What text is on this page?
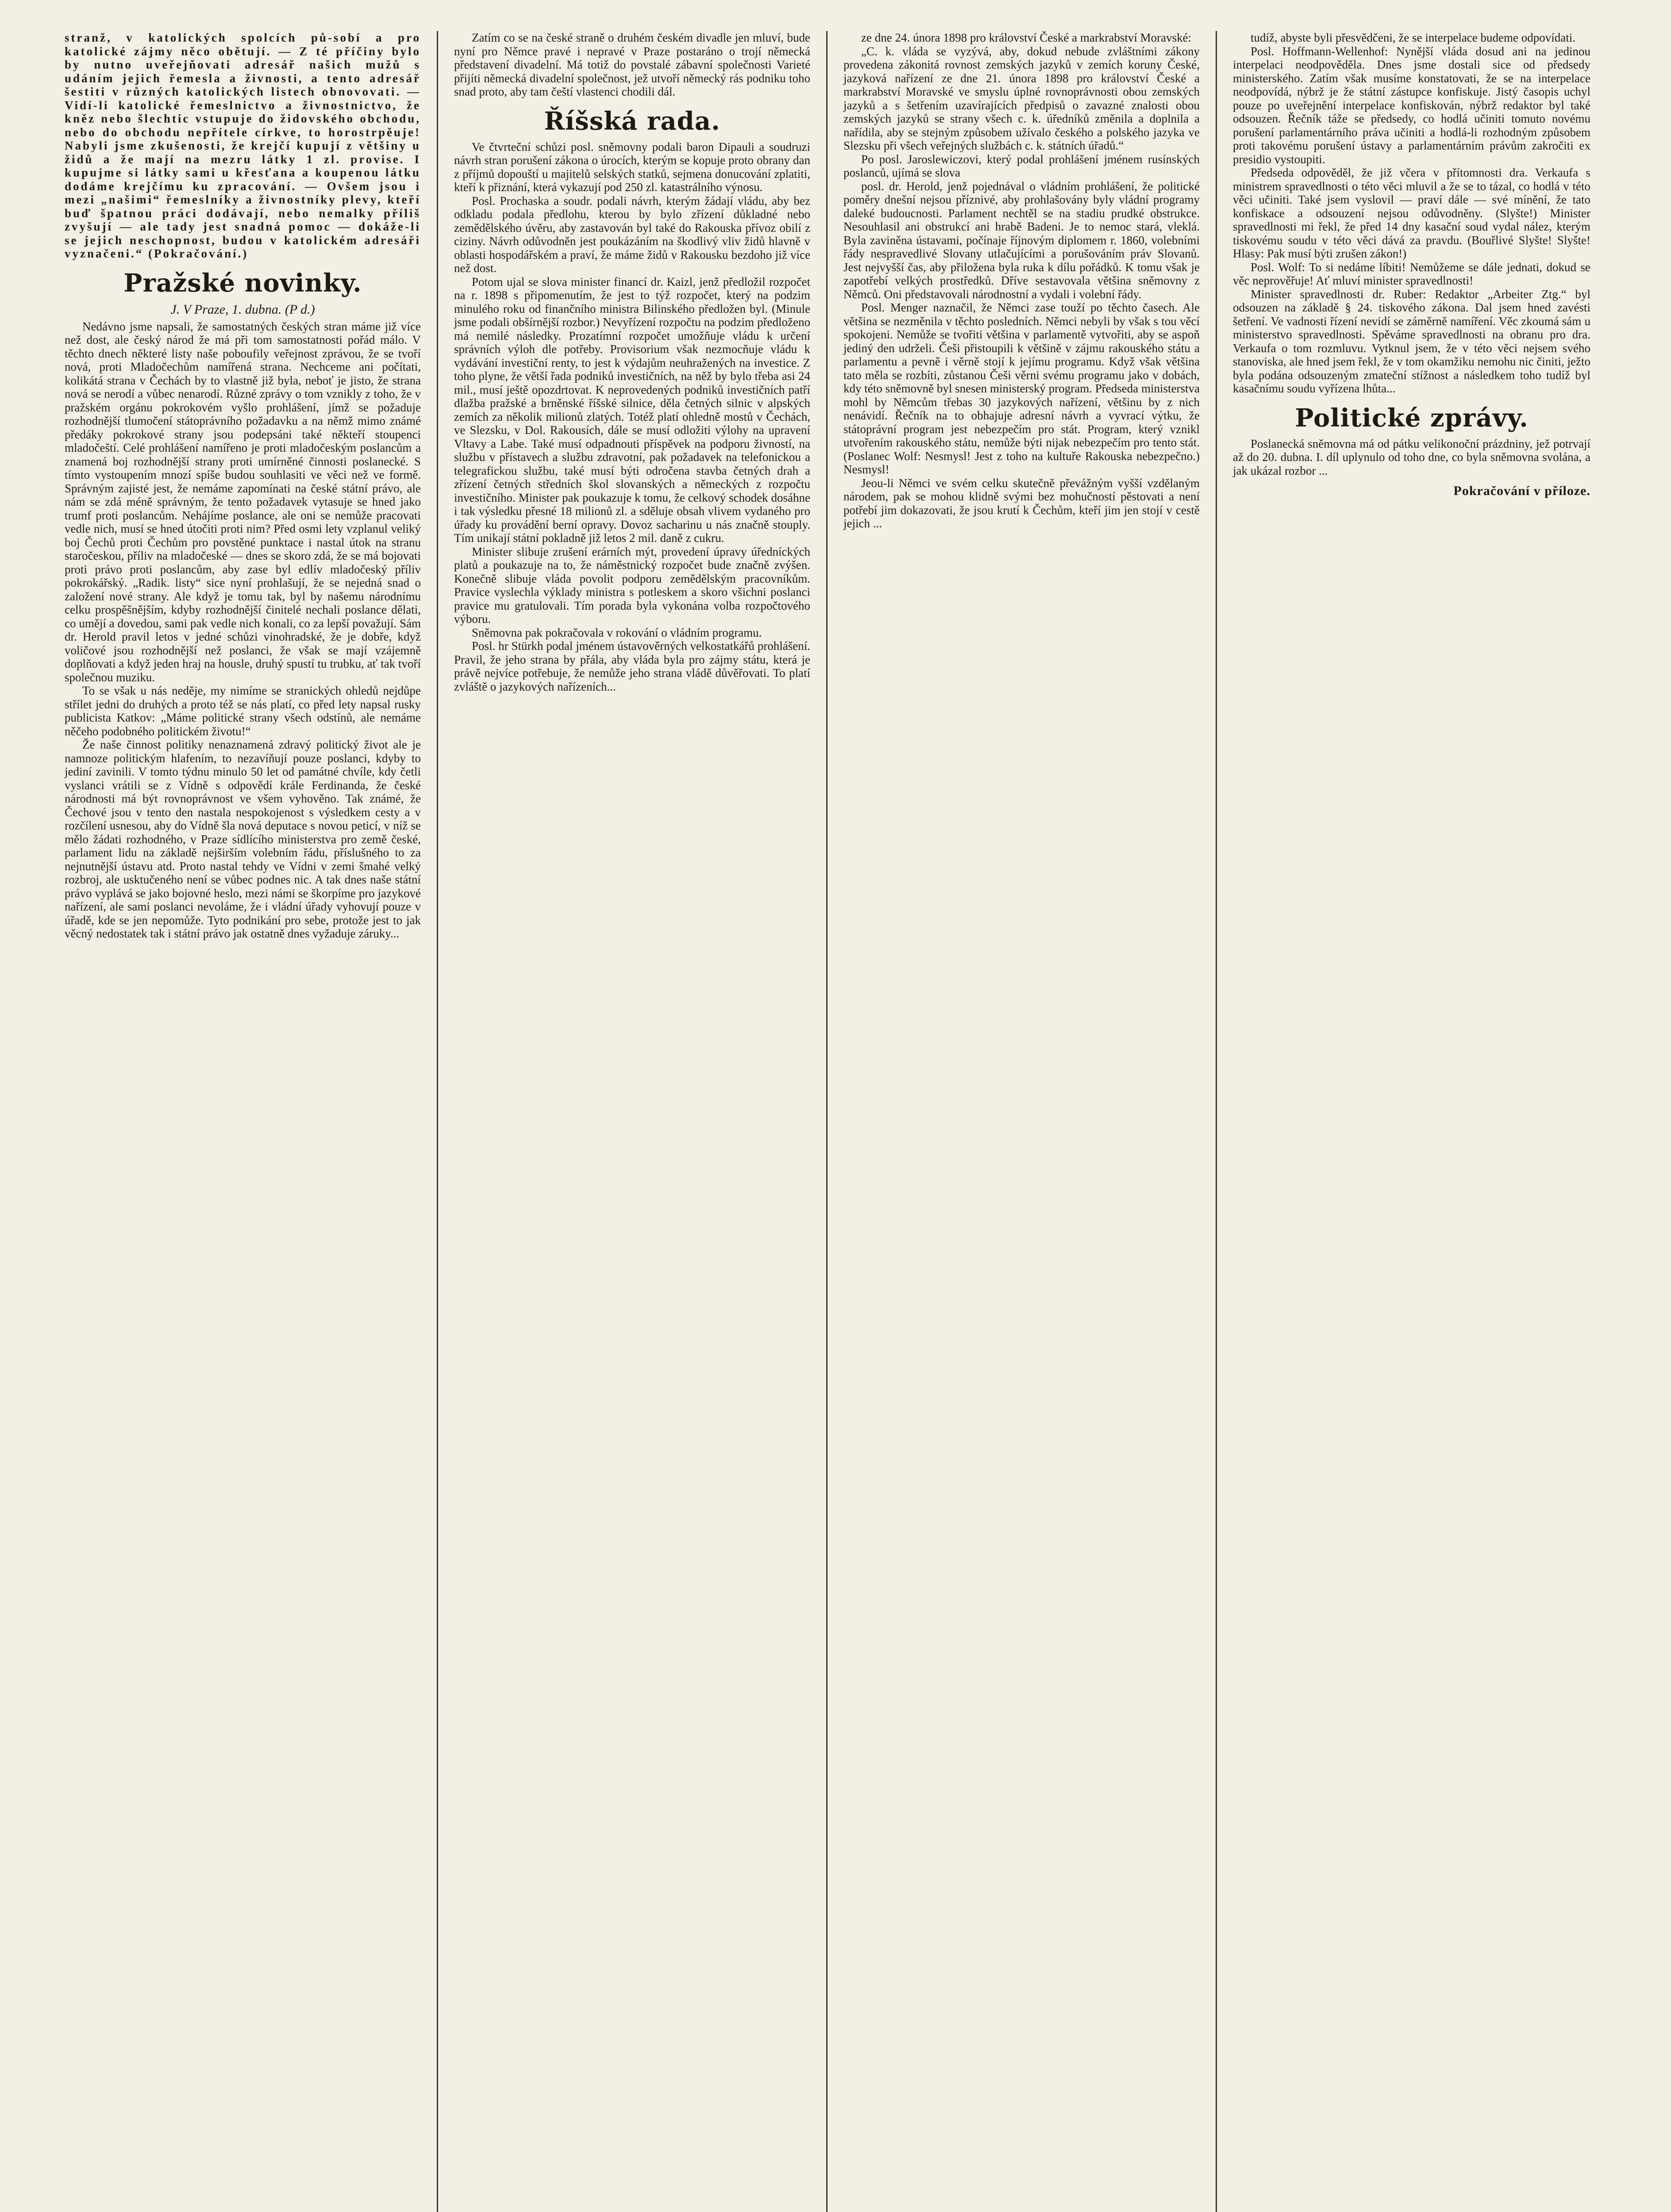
stranž, v katolických spolcích pů-sobí a pro katolické zájmy něco obětují. — Z té příčiny bylo by nutno uveřejňovati adresář našich mužů s udáním jejich řemesla a živnosti, a tento adresář šestiti v různých katolických listech obnovovati. — Vidí-li katolické řemeslnictvo a živnostnictvo, že kněz nebo šlechtic vstupuje do židovského obchodu, nebo do obchodu nepřítele církve, to horostrpěuje! Nabyli jsme zkušenosti, že krejčí kupují z většiny u židů a že mají na mezru látky 1 zl. provise. I kupujme si látky sami u křesťana a koupenou látku dodáme krejčímu ku zpracování. — Ovšem jsou i mezi „našimi“ řemeslníky a živnostníky plevy, kteří buď špatnou práci dodávají, nebo nemalky příliš zvyšují — ale tady jest snadná pomoc — dokáže-li se jejich neschopnost, budou v katolickém adresáři vyznačeni.“ (Pokračování.)

Pražské novinky.
J. V Praze, 1. dubna. (P d.)

Nedávno jsme napsali, že samostatných českých stran máme již více než dost, ale český národ že má při tom samostatnosti pořád málo. V těchto dnech některé listy naše poboufily veřejnost zprávou, že se tvoří nová, proti Mladočechům namířená strana. Nechceme ani počítati, kolikátá strana v Čechách by to vlastně již byla, neboť je jisto, že strana nová se nerodí a vůbec nenarodí. Různé zprávy o tom vznikly z toho, že v pražském orgánu pokrokovém vyšlo prohlášení, jímž se požaduje rozhodnější tlumočení státoprávního požadavku a na němž mimo známé předáky pokrokové strany jsou podepsáni také někteří stoupenci mladočeští. Celé prohlášení namířeno je proti mladočeským poslancům a znamená boj rozhodnější strany proti umírněné činnosti poslanecké. S tímto vystoupením mnozí spíše budou souhlasiti ve věci než ve formě. Správným zajisté jest, že nemáme zapomínati na české státní právo, ale nám se zdá méně správným, že tento požadavek vytasuje se hned jako trumf proti poslancům. Nehájíme poslance, ale oni se nemůže pracovati vedle nich, musí se hned útočiti proti nim? Před osmi lety vzplanul veliký boj Čechů proti Čechům pro povstěné punktace i nastal útok na stranu staročeskou, příliv na mladočeské — dnes se skoro zdá, že se má bojovati proti právo proti poslancům, aby zase byl edlív mladočeský příliv pokrokářský. „Radik. listy“ sice nyní prohlašují, že se nejedná snad o založení nové strany. Ale když je tomu tak, byl by našemu národnímu celku prospěšnějším, kdyby rozhodnější činitelé nechali poslance dělati, co umějí a dovedou, sami pak vedle nich konali, co za lepší považují. Sám dr. Herold pravil letos v jedné schůzi vinohradské, že je dobře, když voličové jsou rozhodnější než poslanci, že však se mají vzájemně doplňovati a když jeden hraj na housle, druhý spustí tu trubku, ať tak tvoří společnou muziku.

To se však u nás neděje, my nimíme se stranických ohledů nejdůpe střílet jedni do druhých a proto též se nás platí, co před lety napsal rusky publicista Katkov: „Máme politické strany všech odstínů, ale nemáme něčeho podobného politickém životu!“

Že naše činnost politiky nenaznamená zdravý politický život ale je namnoze politickým hlafením, to nezavíňují pouze poslanci, kdyby to jediní zavinili. V tomto týdnu minulo 50 let od památné chvíle, kdy četli vyslanci vrátili se z Vídně s odpovědí krále Ferdinanda, že české národnosti má být rovnoprávnost ve všem vyhověno. Tak známé, že Čechové jsou v tento den nastala nespokojenost s výsledkem cesty a v rozčílení usnesou, aby do Vídně šla nová deputace s novou peticí, v níž se mělo žádati rozhodného, v Praze sídlícího ministerstva pro země české, parlament lidu na základě nejširším volebním řádu, příslušného to za nejnutnější ústavu atd. Proto nastal tehdy ve Vídni v zemi šmahé velký rozbroj, ale usktučeného není se vůbec podnes nic. A tak dnes naše státní právo vyplává se jako bojovné heslo, mezi námi se škorpíme pro jazykové nařízení, ale sami poslanci nevoláme, že i vládní úřady vyhovují pouze v úřadě, kde se jen nepomůže. Tyto podnikání pro sebe, protože jest to jak věcný nedostatek tak i státní právo jak ostatně dnes vyžaduje záruky...

Zatím co se na české straně o druhém českém divadle jen mluví, bude nyní pro Němce pravé i nepravé v Praze postaráno o trojí německá představení divadelní. Má totiž do povstalé zábavní společnosti Varieté přijíti německá divadelní společnost, jež utvoří německý rás podniku toho snad proto, aby tam čeští vlastenci chodili dál.

Říšská rada.

Ve čtvrteční schůzi posl. sněmovny podali baron Dipauli a soudruzi návrh stran porušení zákona o úrocích, kterým se kopuje proto obrany dan z příjmů dopouští u majitelů selských statků, sejmena donucování zplatiti, kteří k přiznání, která vykazují pod 250 zl. katastrálního výnosu.

Posl. Prochaska a soudr. podali návrh, kterým žádají vládu, aby bez odkladu podala předlohu, kterou by bylo zřízení důkladné nebo zemědělského úvěru, aby zastavován byl také do Rakouska přívoz obilí z ciziny. Návrh odůvodněn jest poukázáním na škodlivý vliv židů hlavně v oblasti hospodářském a praví, že máme židů v Rakousku bezdoho již více než dost.

Potom ujal se slova minister financí dr. Kaizl, jenž předložil rozpočet na r. 1898 s připomenutím, že jest to týž rozpočet, který na podzim minulého roku od finančního ministra Bilinského předložen byl. (Minule jsme podali obšírnější rozbor.) Nevyřízení rozpočtu na podzim předloženo má nemilé následky. Prozatímní rozpočet umožňuje vládu k určení správních výloh dle potřeby. Provisorium však nezmocňuje vládu k vydávání investiční renty, to jest k výdajům neuhražených na investice. Z toho plyne, že větší řada podniků investičních, na něž by bylo třeba asi 24 mil., musí ještě opozdrtovat. K neprovedených podniků investičních patří dlažba pražské a brněnské říšské silnice, děla četných silnic v alpských zemích za několik milionů zlatých. Totéž platí ohledně mostů v Čechách, ve Slezsku, v Dol. Rakousích, dále se musí odložiti výlohy na upravení Vltavy a Labe. Také musí odpadnouti příspěvek na podporu živností, na službu v přístavech a službu zdravotní, pak požadavek na telefonickou a telegrafickou službu, také musí býti odročena stavba četných drah a zřízení četných středních škol slovanských a německých z rozpočtu investičního. Minister pak poukazuje k tomu, že celkový schodek dosáhne i tak výsledku přesné 18 milionů zl. a sděluje obsah vlivem vydaného pro úřady ku provádění berní opravy. Dovoz sacharinu u nás značně stouply. Tím unikají státní pokladně již letos 2 mil. daně z cukru.

Minister slibuje zrušení erárních mýt, provedení úpravy úředníckých platů a poukazuje na to, že náměstnický rozpočet bude značně zvýšen. Konečně slibuje vláda povolit podporu zemědělským pracovníkům. Pravice vyslechla výklady ministra s potleskem a skoro všichni poslanci pravice mu gratulovali. Tím porada byla vykonána volba rozpočtového výboru.

Sněmovna pak pokračovala v rokování o vládním programu.

Posl. hr Stürkh podal jménem ústavověrných velkostatkářů prohlášení. Pravil, že jeho strana by přála, aby vláda byla pro zájmy státu, která je právě nejvíce potřebuje, že nemůže jeho strana vládě důvěřovati. To platí zvláště o jazykových nařízeních...

ze dne 24. února 1898 pro království České a markrabství Moravské:

„C. k. vláda se vyzývá, aby, dokud nebude zvláštními zákony provedena zákonitá rovnost zemských jazyků v zemích koruny České, jazyková nařízení ze dne 21. února 1898 pro království České a markrabství Moravské ve smyslu úplné rovnoprávnosti obou zemských jazyků a s šetřením uzavírajících předpisů o zavazné znalosti obou zemských jazyků se strany všech c. k. úředníků změnila a doplnila a nařídila, aby se stejným způsobem užívalo českého a polského jazyka ve Slezsku při všech veřejných službách c. k. státních úřadů.“

Po posl. Jaroslewiczovi, který podal prohlášení jménem rusínských poslanců, ujímá se slova

posl. dr. Herold, jenž pojednával o vládním prohlášení, že politické poměry dnešní nejsou příznivé, aby prohlašovány byly vládní programy daleké budoucnosti. Parlament nechtěl se na stadiu prudké obstrukce. Nesouhlasil ani obstrukcí ani hrabě Badeni. Je to nemoc stará, vleklá. Byla zaviněna ústavami, počínaje říjnovým diplomem r. 1860, volebními řády nespravedlivé Slovany utlačujícími a porušováním práv Slovanů. Jest nejvyšší čas, aby přiložena byla ruka k dílu pořádků. K tomu však je zapotřebí velkých prostředků. Dříve sestavovala většina sněmovny z Němců. Oni představovali národnostní a vydali i volební řády.

Posl. Menger naznačil, že Němci zase touží po těchto časech. Ale většina se nezměnila v těchto posledních. Němci nebyli by však s tou věcí spokojeni. Nemůže se tvořiti většina v parlamentě vytvořiti, aby se aspoň jediný den udrželi. Češi přistoupili k většině v zájmu rakouského státu a parlamentu a pevně i věrně stojí k jejímu programu. Když však většina tato měla se rozbíti, zůstanou Češi věrni svému programu jako v dobách, kdy této sněmovně byl snesen ministerský program. Předseda ministerstva mohl by Němcům třebas 30 jazykových nařízení, většinu by z nich nenávidí. Řečník na to obhajuje adresní návrh a vyvrací výtku, že státoprávní program jest nebezpečím pro stát. Program, který vznikl utvořením rakouského státu, nemůže býti nijak nebezpečím pro tento stát. (Poslanec Wolf: Nesmysl! Jest z toho na kultuře Rakouska nebezpečno.) Nesmysl!

Jeou-li Němci ve svém celku skutečně převážným vyšší vzdělaným národem, pak se mohou klidně svými bez mohučností pěstovati a není potřebí jim dokazovati, že jsou krutí k Čechům, kteří jim jen stojí v cestě jejich ...

tudíž, abyste byli přesvědčeni, že se interpelace budeme odpovídati.

Posl. Hoffmann-Wellenhof: Nynější vláda dosud ani na jedinou interpelaci neodpověděla. Dnes jsme dostali sice od předsedy ministerského. Zatím však musíme konstatovati, že se na interpelace neodpovídá, nýbrž je že státní zástupce konfiskuje. Jistý časopis uchyl pouze po uveřejnění interpelace konfiskován, nýbrž redaktor byl také odsouzen. Řečník táže se předsedy, co hodlá učiniti tomuto novému porušení parlamentárního práva učiniti a hodlá-li rozhodným způsobem proti takovému porušení ústavy a parlamentárním právům zakročiti ex presidio vystoupiti.

Předseda odpověděl, že již včera v přítomnosti dra. Verkaufa s ministrem spravedlnosti o této věci mluvil a že se to tázal, co hodlá v této věci učiniti. Také jsem vyslovil — praví dále — své mínění, že tato konfiskace a odsouzení nejsou odůvodněny. (Slyšte!) Minister spravedlnosti mi řekl, že před 14 dny kasační soud vydal nález, kterým tiskovému soudu v této věci dává za pravdu. (Bouřlivé Slyšte! Slyšte! Hlasy: Pak musí býti zrušen zákon!)

Posl. Wolf: To si nedáme líbiti! Nemůžeme se dále jednati, dokud se věc neprověřuje! Ať mluví minister spravedlnosti!

Minister spravedlnosti dr. Ruber: Redaktor „Arbeiter Ztg.“ byl odsouzen na základě § 24. tiskového zákona. Dal jsem hned zavésti šetření. Ve vadnosti řízení nevidí se záměrně namíření. Věc zkoumá sám u ministerstvo spravedlnosti. Spěváme spravedlnosti na obranu pro dra. Verkaufa o tom rozmluvu. Vytknul jsem, že v této věci nejsem svého stanoviska, ale hned jsem řekl, že v tom okamžiku nemohu nic činiti, ježto byla podána odsouzeným zmateční stížnost a následkem toho tudíž byl kasačnímu soudu vyřízena lhůta...

Politické zprávy.

Poslanecká sněmovna má od pátku velikonoční prázdniny, jež potrvají až do 20. dubna. I. díl uplynulo od toho dne, co byla sněmovna svolána, a jak ukázal rozbor ...

Pokračování v příloze.
